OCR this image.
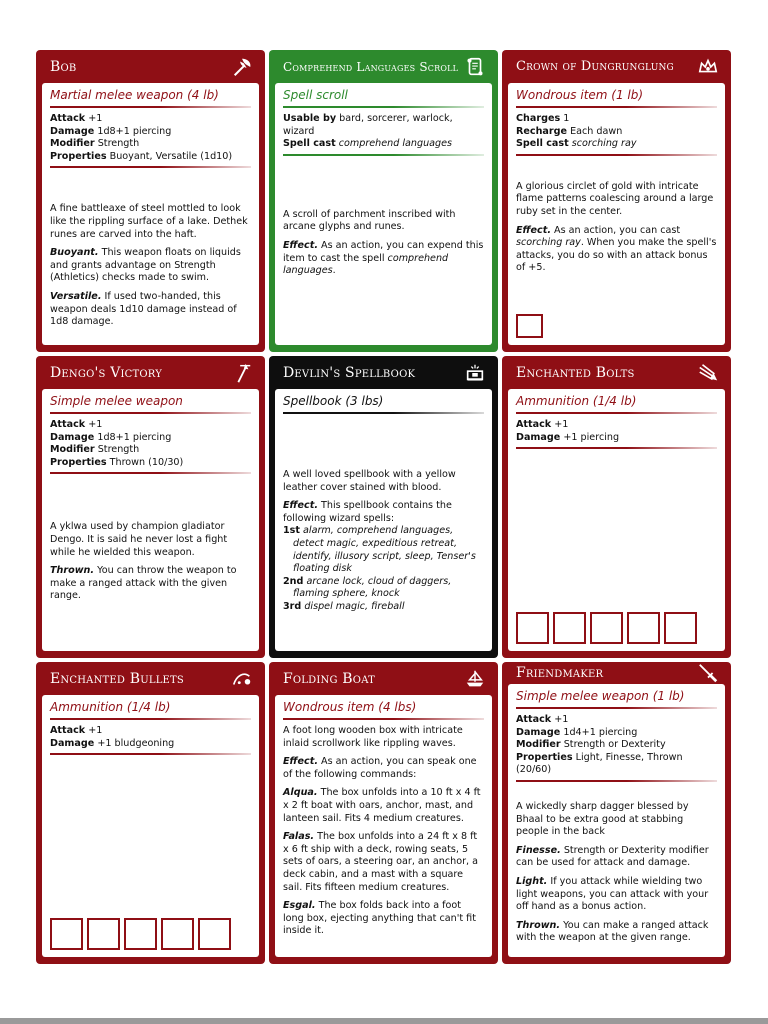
Bob
Martial melee weapon (4 lb)
Attack +1
Damage 1d8+1 piercing
Modifier Strength
Properties Buoyant, Versatile (1d10)
A fine battleaxe of steel mottled to look like the rippling surface of a lake. Dethek runes are carved into the haft.
Buoyant. This weapon floats on liquids and grants advantage on Strength (Athletics) checks made to swim.
Versatile. If used two-handed, this weapon deals 1d10 damage instead of 1d8 damage.
Comprehend Languages Scroll
Spell scroll
Usable by bard, sorcerer, warlock, wizard
Spell cast comprehend languages
A scroll of parchment inscribed with arcane glyphs and runes.
Effect. As an action, you can expend this item to cast the spell comprehend languages.
Crown of Dungrunglung
Wondrous item (1 lb)
Charges 1
Recharge Each dawn
Spell cast scorching ray
A glorious circlet of gold with intricate flame patterns coalescing around a large ruby set in the center.
Effect. As an action, you can cast scorching ray. When you make the spell's attacks, you do so with an attack bonus of +5.
Dengo's Victory
Simple melee weapon
Attack +1
Damage 1d8+1 piercing
Modifier Strength
Properties Thrown (10/30)
A yklwa used by champion gladiator Dengo. It is said he never lost a fight while he wielded this weapon.
Thrown. You can throw the weapon to make a ranged attack with the given range.
Devlin's Spellbook
Spellbook (3 lbs)
A well loved spellbook with a yellow leather cover stained with blood.
Effect. This spellbook contains the following wizard spells:
1st alarm, comprehend languages, detect magic, expeditious retreat, identify, illusory script, sleep, Tenser's floating disk
2nd arcane lock, cloud of daggers, flaming sphere, knock
3rd dispel magic, fireball
Enchanted Bolts
Ammunition (1/4 lb)
Attack +1
Damage +1 piercing
Enchanted Bullets
Ammunition (1/4 lb)
Attack +1
Damage +1 bludgeoning
Folding Boat
Wondrous item (4 lbs)
A foot long wooden box with intricate inlaid scrollwork like rippling waves.
Effect. As an action, you can speak one of the following commands:
Alqua. The box unfolds into a 10 ft x 4 ft x 2 ft boat with oars, anchor, mast, and lanteen sail. Fits 4 medium creatures.
Falas. The box unfolds into a 24 ft x 8 ft x 6 ft ship with a deck, rowing seats, 5 sets of oars, a steering oar, an anchor, a deck cabin, and a mast with a square sail. Fits fifteen medium creatures.
Esgal. The box folds back into a foot long box, ejecting anything that can't fit inside it.
Friendmaker
Simple melee weapon (1 lb)
Attack +1
Damage 1d4+1 piercing
Modifier Strength or Dexterity
Properties Light, Finesse, Thrown (20/60)
A wickedly sharp dagger blessed by Bhaal to be extra good at stabbing people in the back
Finesse. Strength or Dexterity modifier can be used for attack and damage.
Light. If you attack while wielding two light weapons, you can attack with your off hand as a bonus action.
Thrown. You can make a ranged attack with the weapon at the given range.
